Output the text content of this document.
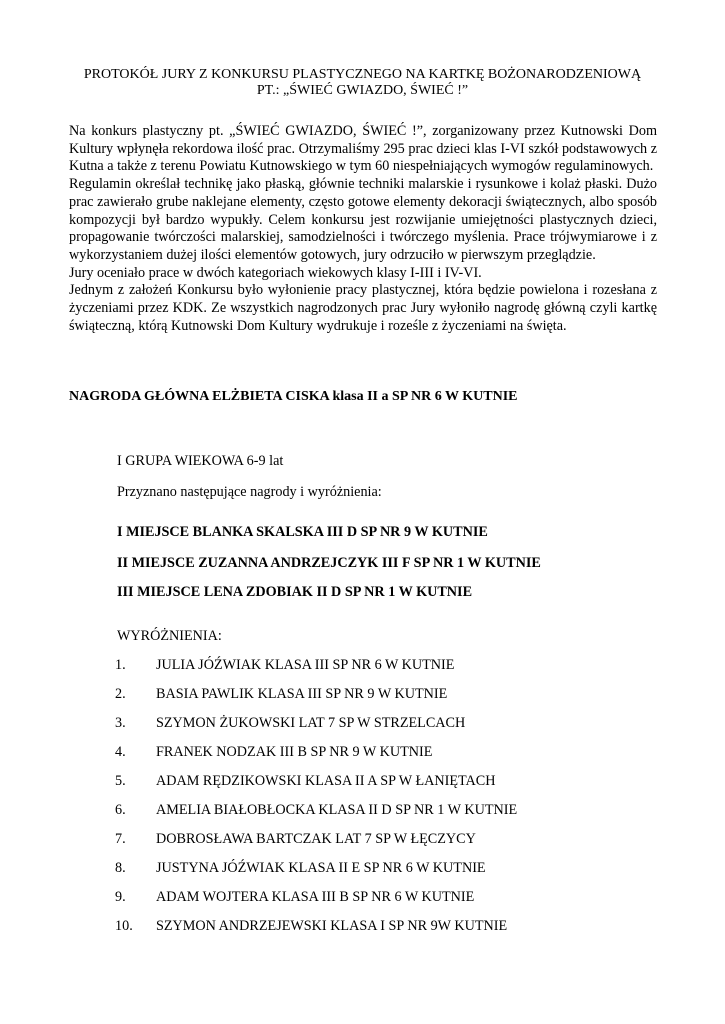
PROTOKÓŁ JURY Z KONKURSU PLASTYCZNEGO NA KARTKĘ BOŻONARODZENIOWĄ
PT.: „ŚWIEĆ GWIAZDO, ŚWIEĆ !”

Na konkurs plastyczny pt. „ŚWIEĆ GWIAZDO, ŚWIEĆ !”, zorganizowany przez Kutnowski Dom Kultury wpłynęła rekordowa ilość prac. Otrzymaliśmy 295 prac dzieci klas I-VI szkół podstawowych z Kutna a także z terenu Powiatu Kutnowskiego w tym 60 niespełniających wymogów regulaminowych.

Regulamin określał technikę jako płaską, głównie techniki malarskie i rysunkowe i kolaż płaski. Dużo prac zawierało grube naklejane elementy, często gotowe elementy dekoracji świątecznych, albo sposób kompozycji był bardzo wypukły. Celem konkursu jest rozwijanie umiejętności plastycznych dzieci, propagowanie twórczości malarskiej, samodzielności i twórczego myślenia. Prace trójwymiarowe i z wykorzystaniem dużej ilości elementów gotowych, jury odrzuciło w pierwszym przeglądzie.

Jury oceniało prace w dwóch kategoriach wiekowych klasy I-III i IV-VI.

Jednym z założeń Konkursu było wyłonienie pracy plastycznej, która będzie powielona i rozesłana z życzeniami przez KDK. Ze wszystkich nagrodzonych prac Jury wyłoniło nagrodę główną czyli kartkę świąteczną, którą Kutnowski Dom Kultury wydrukuje i roześle z życzeniami na święta.

NAGRODA GŁÓWNA ELŻBIETA CISKA klasa II a SP NR 6 W KUTNIE
I GRUPA WIEKOWA 6-9 lat
Przyznano następujące nagrody i wyróżnienia:
I MIEJSCE BLANKA SKALSKA III D SP NR 9 W KUTNIE
II MIEJSCE ZUZANNA ANDRZEJCZYK III F SP NR 1 W KUTNIE
III MIEJSCE LENA ZDOBIAK II D SP NR 1 W KUTNIE
WYRÓŻNIENIA:
1. JULIA JÓŹWIAK KLASA III SP NR 6 W KUTNIE
2. BASIA PAWLIK KLASA III SP NR 9 W KUTNIE
3. SZYMON ŻUKOWSKI LAT 7 SP W STRZELCACH
4. FRANEK NODZAK III B SP NR 9 W KUTNIE
5. ADAM RĘDZIKOWSKI KLASA II A SP W ŁANIĘTACH
6. AMELIA BIAŁOBŁOCKA KLASA II D SP NR 1 W KUTNIE
7. DOBROSŁAWA BARTCZAK LAT 7 SP W ŁĘCZYCY
8. JUSTYNA JÓŹWIAK KLASA II E SP NR 6 W KUTNIE
9. ADAM WOJTERA KLASA III B SP NR 6 W KUTNIE
10. SZYMON ANDRZEJEWSKI KLASA I SP NR 9W KUTNIE
